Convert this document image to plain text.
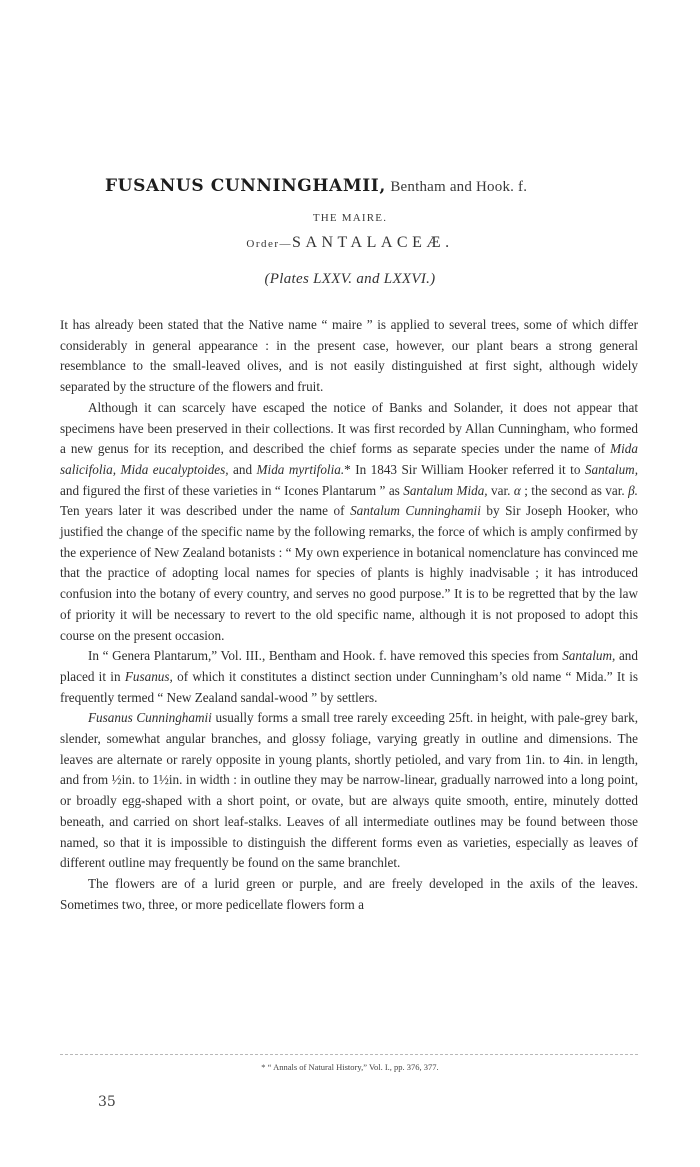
FUSANUS CUNNINGHAMII, Bentham and Hook. f.
THE MAIRE.
Order—SANTALACEÆ.
(Plates LXXV. and LXXVI.)

It has already been stated that the Native name “ maire ” is applied to several trees, some of which differ considerably in general appearance : in the present case, however, our plant bears a strong general resemblance to the small-leaved olives, and is not easily distinguished at first sight, although widely separated by the structure of the flowers and fruit.

Although it can scarcely have escaped the notice of Banks and Solander, it does not appear that specimens have been preserved in their collections. It was first recorded by Allan Cunningham, who formed a new genus for its reception, and described the chief forms as separate species under the name of Mida salicifolia, Mida eucalyptoides, and Mida myrtifolia.* In 1843 Sir William Hooker referred it to Santalum, and figured the first of these varieties in “ Icones Plantarum ” as Santalum Mida, var. α ; the second as var. β. Ten years later it was described under the name of Santalum Cunninghamii by Sir Joseph Hooker, who justified the change of the specific name by the following remarks, the force of which is amply confirmed by the experience of New Zealand botanists : “ My own experience in botanical nomenclature has convinced me that the practice of adopting local names for species of plants is highly inadvisable ; it has introduced confusion into the botany of every country, and serves no good purpose.” It is to be regretted that by the law of priority it will be necessary to revert to the old specific name, although it is not proposed to adopt this course on the present occasion.

In “ Genera Plantarum,” Vol. III., Bentham and Hook. f. have removed this species from Santalum, and placed it in Fusanus, of which it constitutes a distinct section under Cunningham’s old name “ Mida.” It is frequently termed “ New Zealand sandal-wood ” by settlers.

Fusanus Cunninghamii usually forms a small tree rarely exceeding 25ft. in height, with pale-grey bark, slender, somewhat angular branches, and glossy foliage, varying greatly in outline and dimensions. The leaves are alternate or rarely opposite in young plants, shortly petioled, and vary from 1in. to 4in. in length, and from ½in. to 1½in. in width : in outline they may be narrow-linear, gradually narrowed into a long point, or broadly egg-shaped with a short point, or ovate, but are always quite smooth, entire, minutely dotted beneath, and carried on short leaf-stalks. Leaves of all intermediate outlines may be found between those named, so that it is impossible to distinguish the different forms even as varieties, especially as leaves of different outline may frequently be found on the same branchlet.

The flowers are of a lurid green or purple, and are freely developed in the axils of the leaves. Sometimes two, three, or more pedicellate flowers form a

* “ Annals of Natural History,” Vol. I., pp. 376, 377.
35
